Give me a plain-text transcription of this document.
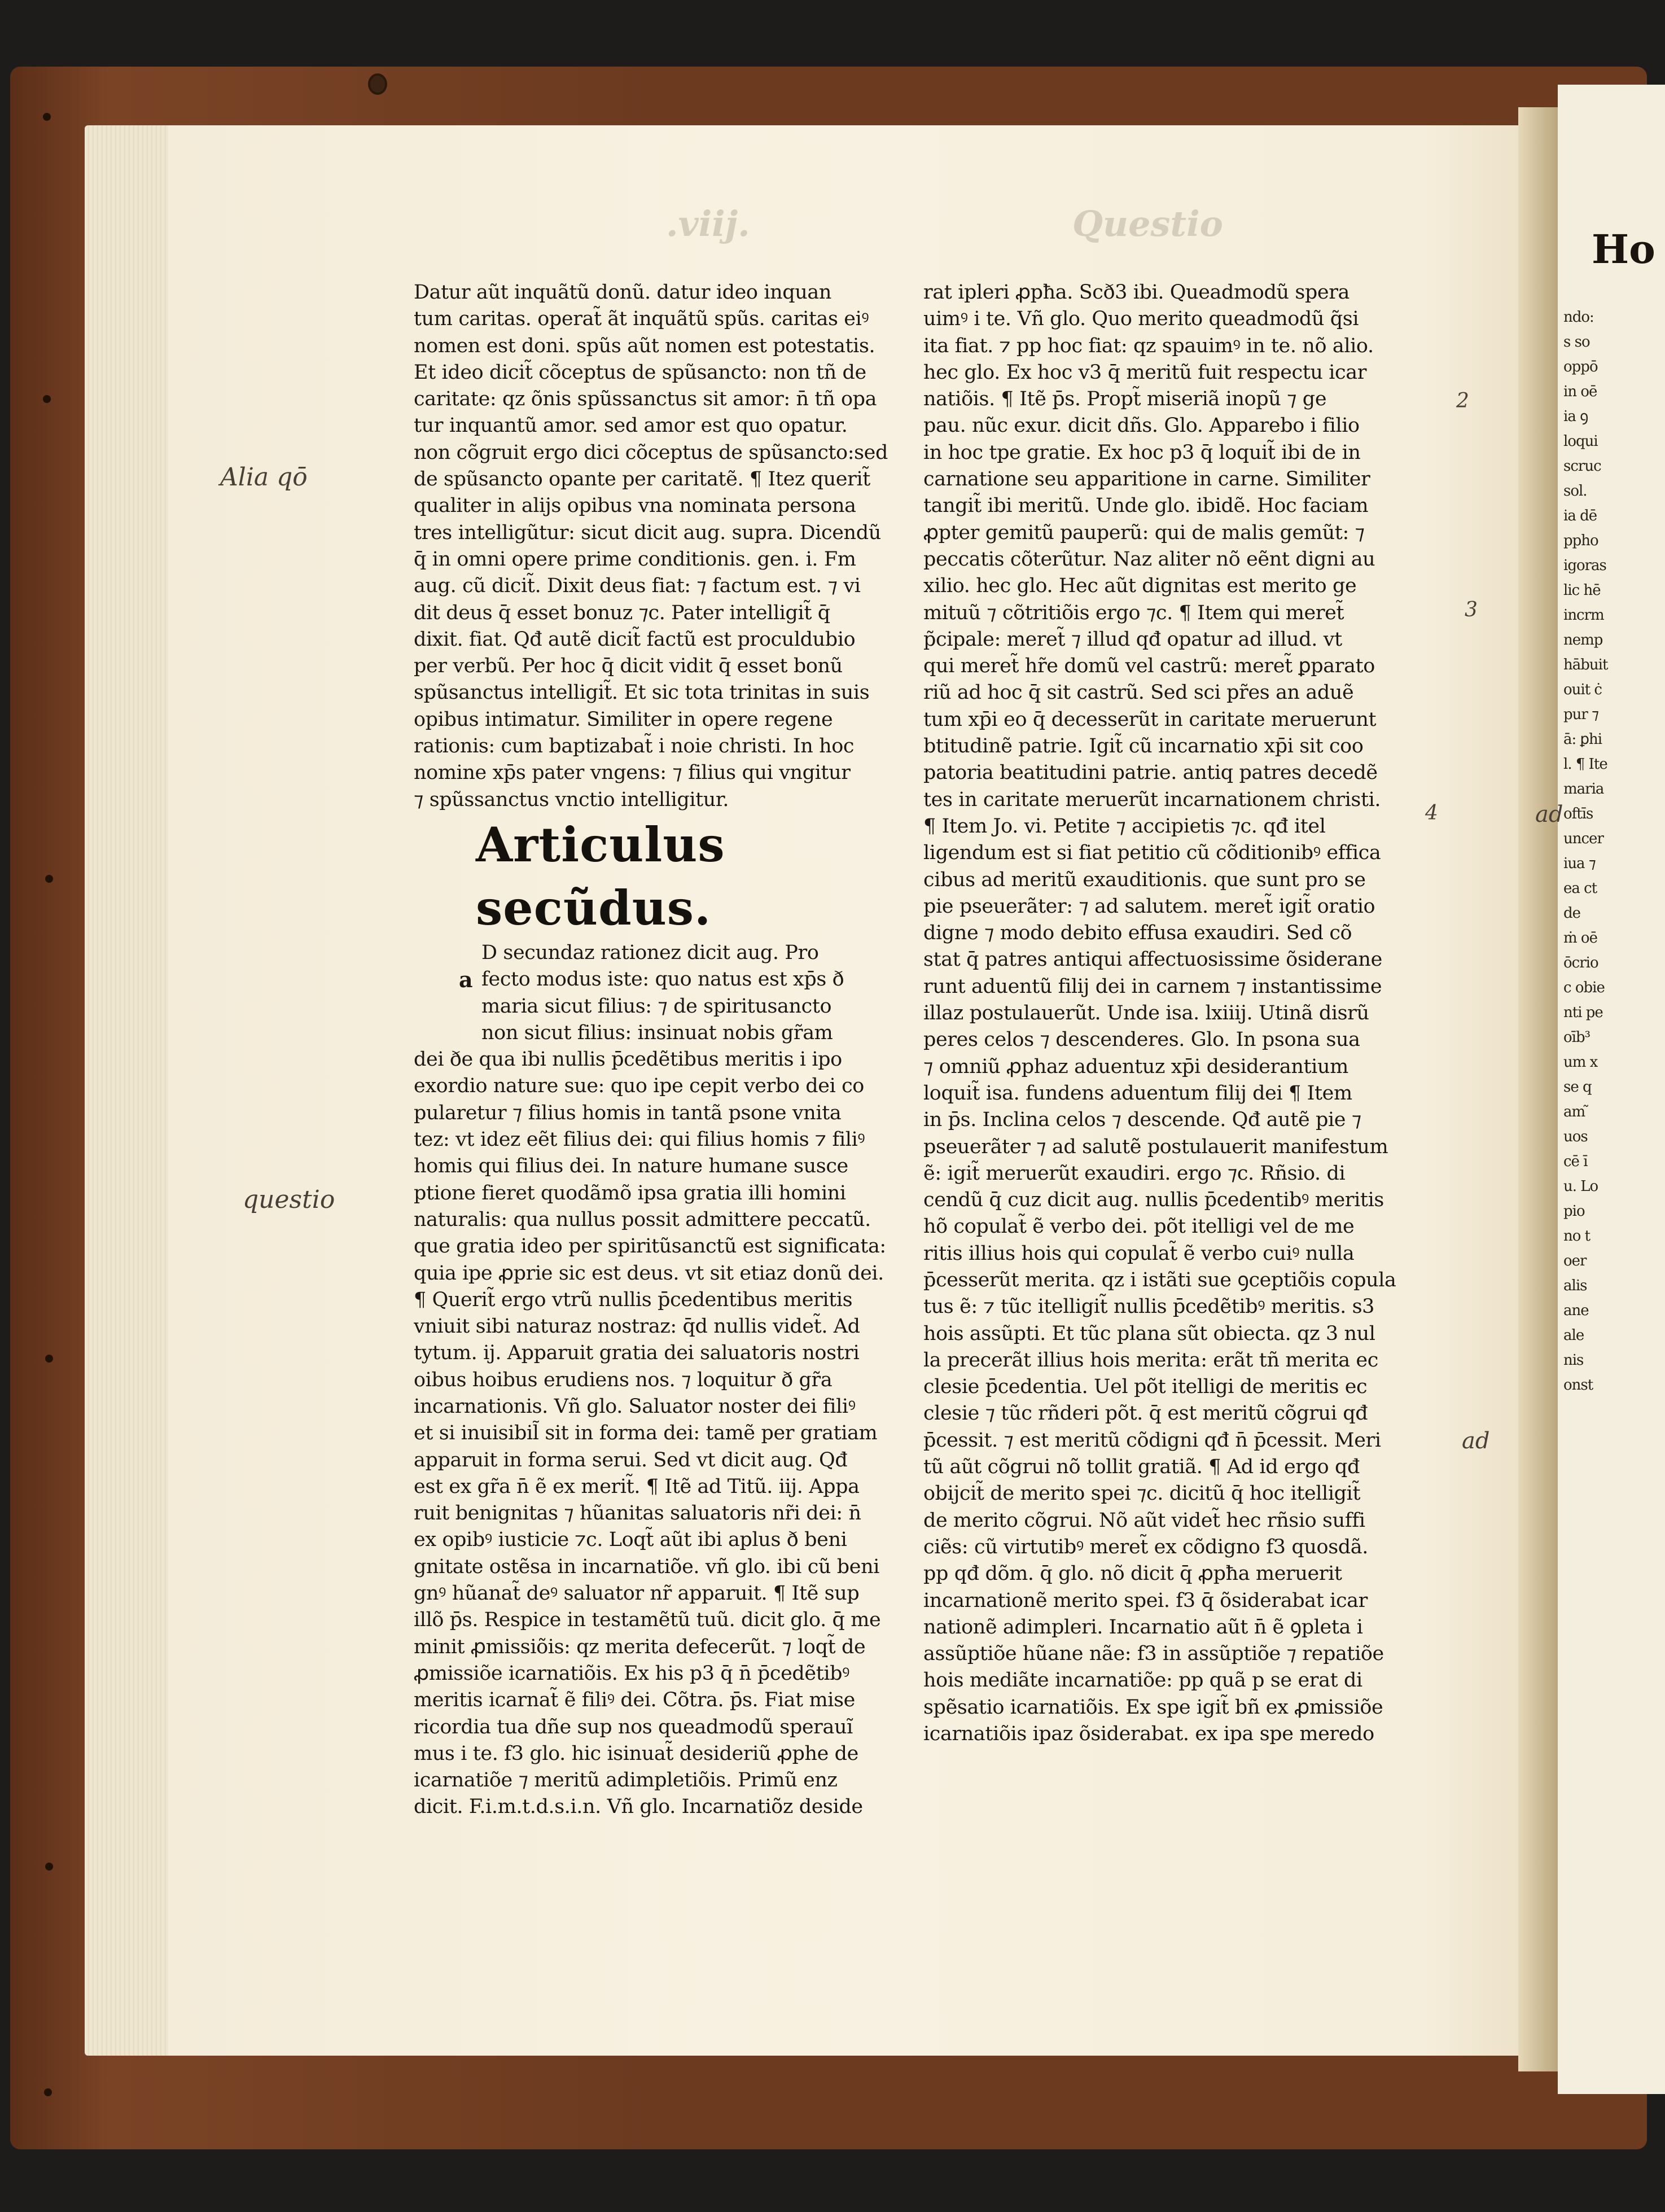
Ho
ndo:
s so
oppō
in oē
ia ꝯ
loqui
scruc
sol.
ia dē
ppho
igoras
lic hē
incrm
nemp
hābuit
ouit ċ
pur ⁊
ā: ꝑhi
l. ¶ Ite
maria
oftīs
uncer
iua ⁊
ea ct
de
ṁ oē
ōcrio
c obie
nti pe
oīb³
um x
se q
am ̃
uos
cē ī
u. Lo
pio
no t
oer
alis
ane
ale
nis
onst
.viij.	Questio
Datur aũt inquãtũ donũ. datur ideo inquan
tum caritas. operat̃ ãt inquãtũ spũs. caritas eiꝰ
nomen est doni. spũs aũt nomen est potestatis.
Et ideo dicit̃ cõceptus de spũsancto: non tñ de
caritate: qz õnis spũssanctus sit amor: n̄ tñ opa
tur inquantũ amor. sed amor est quo opatur.
non cõgruit ergo dici cõceptus de spũsancto:sed
de spũsancto opante per caritatẽ. ¶ Itez querit̃
qualiter in alijs opibus vna nominata persona
tres intelligũtur: sicut dicit aug. supra. Dicendũ
q̄ in omni opere prime conditionis. gen. i. Fm
aug. cũ dicit̃. Dixit deus fiat: ⁊ factum est. ⁊ vi
dit deus q̄ esset bonuz ⁊c. Pater intelligit̃ q̄
dixit. fiat. Qđ autẽ dicit̃ factũ est proculdubio
per verbũ. Per hoc q̄ dicit vidit q̄ esset bonũ
spũsanctus intelligit̃. Et sic tota trinitas in suis
opibus intimatur. Similiter in opere regene
rationis: cum baptizabat̃ i noie christi. In hoc
nomine xp̄s pater vngens: ⁊ filius qui vngitur
⁊ spũssanctus vnctio intelligitur.
Articulus secũdus.
a
D secundaz rationez dicit aug. Pro
fecto modus iste: quo natus est xp̄s ð
maria sicut filius: ⁊ de spiritusancto
non sicut filius: insinuat nobis gr̃am
dei ðe qua ibi nullis p̄cedẽtibus meritis i ipo
exordio nature sue: quo ipe cepit verbo dei co
pularetur ⁊ filius homis in tantã psone vnita
tez: vt idez eẽt filius dei: qui filius homis ⁊ filiꝰ
homis qui filius dei. In nature humane susce
ptione fieret quodãmõ ipsa gratia illi homini
naturalis: qua nullus possit admittere peccatũ.
que gratia ideo per spiritũsanctũ est significata:
quia ipe ꝓprie sic est deus. vt sit etiaz donũ dei.
¶ Querit̃ ergo vtrũ nullis p̄cedentibus meritis
vniuit sibi naturaz nostraz: q̄d nullis videt̃. Ad
tytum. ij. Apparuit gratia dei saluatoris nostri
oibus hoibus erudiens nos. ⁊ loquitur ð gr̃a
incarnationis. Vñ glo. Saluator noster dei filiꝰ
et si inuisibil̃ sit in forma dei: tamẽ per gratiam
apparuit in forma serui. Sed vt dicit aug. Qđ
est ex gr̃a n̄ ẽ ex merit̃. ¶ Itẽ ad Titũ. iij. Appa
ruit benignitas ⁊ hũanitas saluatoris nr̃i dei: n̄
ex opibꝰ iusticie ⁊c. Loqt̃ aũt ibi aplus ð beni
gnitate ostẽsa in incarnatiõe. vñ glo. ibi cũ beni
gnꝰ hũanat̃ deꝰ saluator nr̃ apparuit. ¶ Itẽ sup
illõ p̄s. Respice in testamẽtũ tuũ. dicit glo. q̄ me
minit ꝓmissiõis: qz merita defecerũt. ⁊ loqt̃ de
ꝓmissiõe icarnatiõis. Ex his p3 q̄ n̄ p̄cedẽtibꝰ
meritis icarnat̃ ẽ filiꝰ dei. Cõtra. p̄s. Fiat mise
ricordia tua dñe sup nos queadmodũ sperauĩ
mus i te. f3 glo. hic isinuat̃ desideriũ ꝓphe de
icarnatiõe ⁊ meritũ adimpletiõis. Primũ enz
dicit. F.i.m.t.d.s.i.n. Vñ glo. Incarnatiõz deside
rat ipleri ꝓpħa. Scð3 ibi. Queadmodũ spera
uimꝰ i te. Vñ glo. Quo merito queadmodũ q̃si
ita fiat. ⁊ pp hoc fiat: qz spauimꝰ in te. nõ alio.
hec glo. Ex hoc v3 q̄ meritũ fuit respectu icar
natiõis. ¶ Itẽ p̄s. Propt̃ miseriã inopũ ⁊ ge
pau. nũc exur. dicit dñs. Glo. Apparebo i filio
in hoc tpe gratie. Ex hoc p3 q̄ loquit̃ ibi de in
carnatione seu apparitione in carne. Similiter
tangit̃ ibi meritũ. Unde glo. ibidẽ. Hoc faciam
ꝓpter gemitũ pauperũ: qui de malis gemũt: ⁊
peccatis cõterũtur. Naz aliter nõ eẽnt digni au
xilio. hec glo. Hec aũt dignitas est merito ge
mituũ ⁊ cõtritiõis ergo ⁊c. ¶ Item qui meret̃
p̃cipale: meret̃ ⁊ illud qđ opatur ad illud. vt
qui meret̃ hr̃e domũ vel castrũ: meret̃ ꝑparato
riũ ad hoc q̄ sit castrũ. Sed sci pr̃es an aduẽ
tum xp̄i eo q̄ decesserũt in caritate meruerunt
btitudinẽ patrie. Igit̃ cũ incarnatio xp̄i sit coo
patoria beatitudini patrie. antiq patres decedẽ
tes in caritate meruerũt incarnationem christi.
¶ Item Jo. vi. Petite ⁊ accipietis ⁊c. qđ itel
ligendum est si fiat petitio cũ cõditionibꝰ effica
cibus ad meritũ exauditionis. que sunt pro se
pie pseuerãter: ⁊ ad salutem. meret̃ igit̃ oratio
digne ⁊ modo debito effusa exaudiri. Sed cõ
stat q̄ patres antiqui affectuosissime õsiderane
runt aduentũ filij dei in carnem ⁊ instantissime
illaz postulauerũt. Unde isa. lxiiij. Utinã disrũ
peres celos ⁊ descenderes. Glo. In psona sua
⁊ omniũ ꝓphaz aduentuz xp̄i desiderantium
loquit̃ isa. fundens aduentum filij dei ¶ Item
in p̄s. Inclina celos ⁊ descende. Qđ autẽ pie ⁊
pseuerãter ⁊ ad salutẽ postulauerit manifestum
ẽ: igit̃ meruerũt exaudiri. ergo ⁊c. Rñsio. di
cendũ q̄ cuz dicit aug. nullis p̄cedentibꝰ meritis
hõ copulat̃ ẽ verbo dei. põt itelligi vel de me
ritis illius hois qui copulat̃ ẽ verbo cuiꝰ nulla
p̄cesserũt merita. qz i istãti sue ꝯceptiõis copula
tus ẽ: ⁊ tũc itelligit̃ nullis p̄cedẽtibꝰ meritis. s3
hois assũpti. Et tũc plana sũt obiecta. qz 3 nul
la precerãt illius hois merita: erãt tñ merita ec
clesie p̄cedentia. Uel põt itelligi de meritis ec
clesie ⁊ tũc rñderi põt. q̄ est meritũ cõgrui qđ
p̄cessit. ⁊ est meritũ cõdigni qđ n̄ p̄cessit. Meri
tũ aũt cõgrui nõ tollit gratiã. ¶ Ad id ergo qđ
obijcit̃ de merito spei ⁊c. dicitũ q̄ hoc itelligit̃
de merito cõgrui. Nõ aũt videt̃ hec rñsio suffi
ciẽs: cũ virtutibꝰ meret̃ ex cõdigno f3 quosdã.
pp qđ dõm. q̄ glo. nõ dicit q̄ ꝓpħa meruerit
incarnationẽ merito spei. f3 q̄ õsiderabat icar
nationẽ adimpleri. Incarnatio aũt n̄ ẽ ꝯpleta i
assũptiõe hũane nãe: f3 in assũptiõe ⁊ repatiõe
hois mediãte incarnatiõe: pp quã p se erat di
spẽsatio icarnatiõis. Ex spe igit̃ bñ ex ꝓmissiõe
icarnatiõis ipaz õsiderabat. ex ipa spe meredo
Alia qō
questio
2
3
4	ad
ad
